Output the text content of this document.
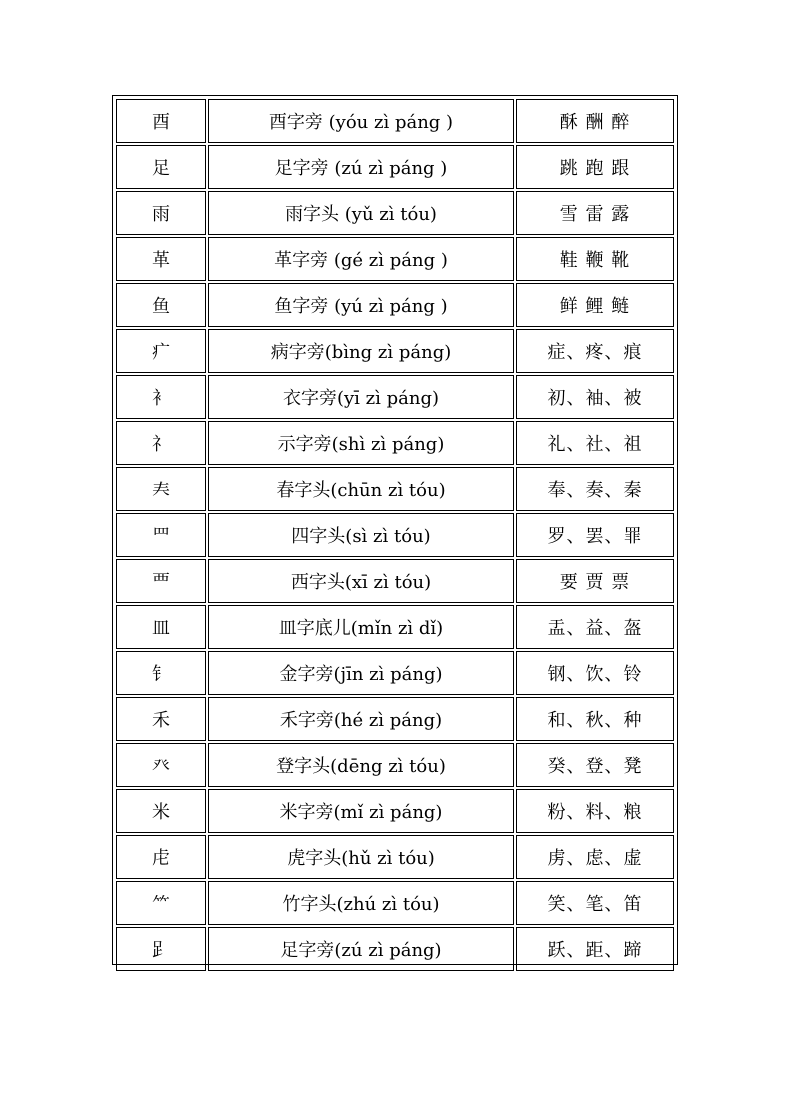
酉	酉字旁 (yóu zì páng )	酥 酬 醉
足	足字旁 (zú zì páng )	跳 跑 跟
雨	雨字头 (yǔ zì tóu)	雪 雷 露
革	革字旁 (gé zì páng )	鞋 鞭 靴
鱼	鱼字旁 (yú zì páng )	鲜 鲤 鲢
疒	病字旁(bìng zì páng)	症、疼、痕
衤	衣字旁(yī zì páng)	初、袖、被
礻	示字旁(shì zì páng)	礼、社、祖
𡗗	春字头(chūn zì tóu)	奉、奏、秦
罒	四字头(sì zì tóu)	罗、罢、罪
覀	西字头(xī zì tóu)	要 贾 票
皿	皿字底儿(mǐn zì dǐ)	盂、益、盔
钅	金字旁(jīn zì páng)	钢、饮、铃
禾	禾字旁(hé zì páng)	和、秋、种
癶	登字头(dēng zì tóu)	癸、登、凳
米	米字旁(mǐ zì páng)	粉、料、粮
虍	虎字头(hǔ zì tóu)	虏、虑、虚
⺮	竹字头(zhú zì tóu)	笑、笔、笛
𧾷	足字旁(zú zì páng)	跃、距、蹄
